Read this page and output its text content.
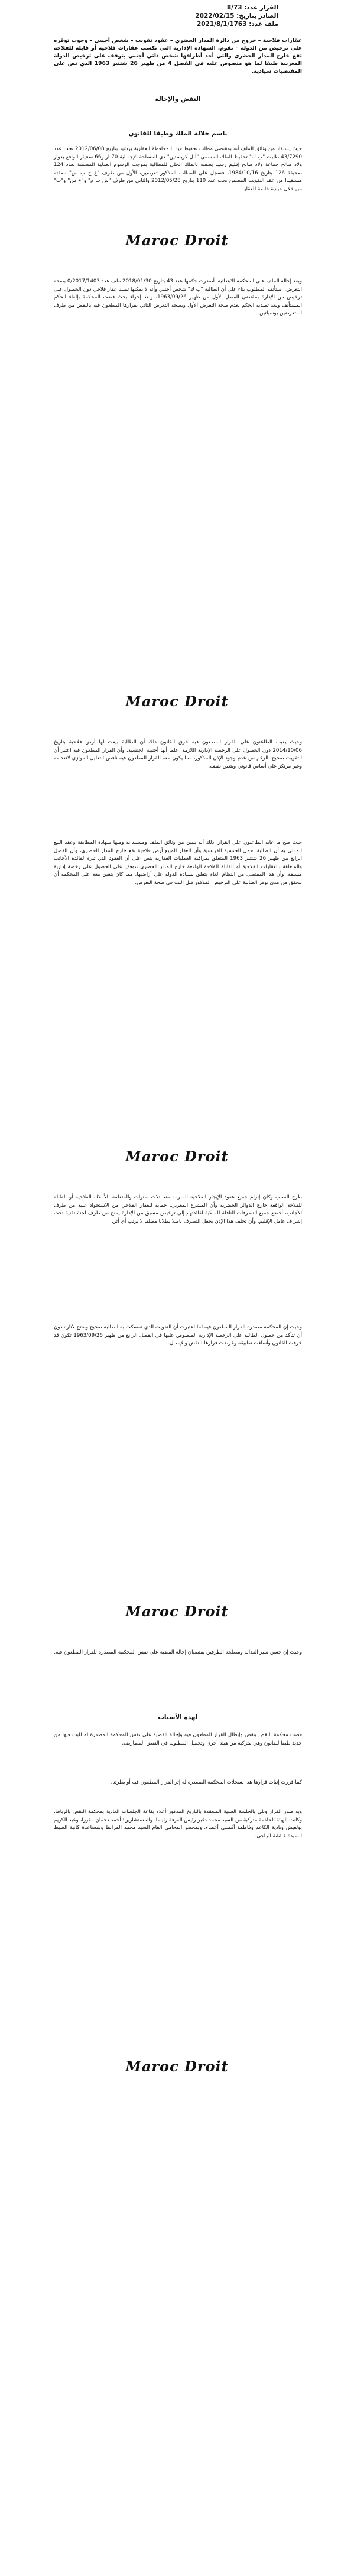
القرار عدد: 8/73
الصادر بتاريخ: 2022/02/15
ملف عدد: 2021/8/1/1763
عقارات فلاحية – خروج من دائرة المدار الحضري – عقود تفويت – شخص أجنبي – وجوب توقره على ترخيص من الدولة – تقوم. الشهادة الإدارية التي تكسب عقارات فلاحية أو قابلة للفلاحة تقع خارج المدار الحضري والتي أحد أطرافها شخص ذاتي أجنبي يتوقف على ترخيص الدولة المغربية طبقا لما هو منصوص عليه في الفصل 4 من ظهير 26 شتنبر 1963 الذي نص على المقتضيات سيادية.
النقض والإحالة
باسم جلالة الملك وطبقا للقانون
حيث يستفاد من وثائق الملف أنه بمقتضى مطلب تحفيظ قيد بالمحافظة العقارية برشيد بتاريخ 2012/06/08 تحت عدد 43/7290 طلبت "ب ك" تحفيظ الملك المسمى "أ ل كريستين" ذي المساحة الإجمالية 70 آر و66 سنتيار الواقع بدوار ولاد صالح جماعة ولاد صالح إقليم رشيد بصفته بالملك الحلي للمطالبة بموجب الرسوم العدلية المضمنة بعدد 124 صحيفة 126 بتاريخ 1984/10/16، فسجل على المطلب المذكور تعرضين، الأول من طرف "ع ج ب س" بصفته مستفيدا من عقد التفويت المضمن تحت عدد 110 بتاريخ 2012/05/28 والثاني من طرف "ش ب م" و"خ س" و"ب" من خلال حيازة خاصة للعقار.
Maroc Droit
وبعد إحالة الملف على المحكمة الابتدائية، أصدرت حكمها عدد 43 بتاريخ 2018/01/30 ملف عدد 0/2017/1403 بصحة التعرض، استأنفه المطلوب بناء على أن الطالبة "ب ك" شخص أجنبي وأنه لا يمكنها تملك عقار فلاحي دون الحصول على ترخيص من الإدارة بمقتضى الفصل الأول من ظهير 1963/09/26، وبعد إجراء بحث قضت المحكمة بإلغاء الحكم المستأنف وبعد تصديه الحكم بعدم صحة التعرض الأول وبصحة التعرض الثاني بقرارها المطعون فيه بالنقض من طرف المتعرضين بوسيلتين.
Maroc Droit
وحيث يعيب الطاعنون على القرار المطعون فيه خرق القانون ذلك أن الطالبة بيعت لها أرض فلاحية بتاريخ 2014/10/06 دون الحصول على الرخصة الإدارية اللازمة، علما أنها أجنبية الجنسية، وأن القرار المطعون فيه اعتبر أن التفويت صحيح بالرغم من عدم وجود الإذن المذكور، مما يكون معه القرار المطعون فيه ناقص التعليل الموازي لانعدامه وغير مرتكز على أساس قانوني ويتعين نقضه.
حيث صح ما عابه الطاعنون على القرار، ذلك أنه يتبين من وثائق الملف ومستنداته ومنها شهادة المطابقة وعقد البيع المدلى به أن الطالبة تحمل الجنسية الفرنسية وأن العقار المبيع أرض فلاحية تقع خارج المدار الحضري، وأن الفصل الرابع من ظهير 26 شتنبر 1963 المتعلق بمراقبة العمليات العقارية ينص على أن العقود التي تبرم لفائدة الأجانب والمتعلقة بالعقارات الفلاحية أو القابلة للفلاحة الواقعة خارج المدار الحضري تتوقف على الحصول على رخصة إدارية مسبقة، وأن هذا المقتضى من النظام العام يتعلق بسيادة الدولة على أراضيها، مما كان يتعين معه على المحكمة أن تتحقق من مدى توفر الطالبة على الترخيص المذكور قبل البت في صحة التعرض.
Maroc Droit
طرح السبب وكان إنزام جميع عقود الإيجار الفلاحية المبرمة منذ ثلاث سنوات والمتعلقة بالأملاك الفلاحية أو القابلة للفلاحة الواقعة خارج الدوائر الحضرية وأن المشرع المغربي، حماية للعقار الفلاحي من الاستحواذ عليه من طرف الأجانب، أخضع جميع التصرفات الناقلة للملكية لفائدتهم إلى ترخيص مسبق من الإدارة يمنح من طرف لجنة تقنية تحت إشراف عامل الإقليم، وأن تخلف هذا الإذن يجعل التصرف باطلا بطلانا مطلقا لا يرتب أي أثر.
وحيث إن المحكمة مصدرة القرار المطعون فيه لما اعتبرت أن التفويت الذي تمسكت به الطالبة صحيح ومنتج لآثاره دون أن تتأكد من حصول الطالبة على الرخصة الإدارية المنصوص عليها في الفصل الرابع من ظهير 1963/09/26 تكون قد خرقت القانون وأساءت تطبيقه وعرضت قرارها للنقض والإبطال.
Maroc Droit
وحيث إن حسن سير العدالة ومصلحة الطرفين يقتضيان إحالة القضية على نفس المحكمة المصدرة للقرار المطعون فيه.
لهذه الأسباب
قضت محكمة النقض بنقض وإبطال القرار المطعون فيه وإحالة القضية على نفس المحكمة المصدرة له للبت فيها من جديد طبقا للقانون وهي متركبة من هيئة أخرى وتحميل المطلوبة في النقض المصاريف.
كما قررت إثبات قرارها هذا بسجلات المحكمة المصدرة له إثر القرار المطعون فيه أو بطرته.
وبه صدر القرار وتلي بالجلسة العلنية المنعقدة بالتاريخ المذكور أعلاه بقاعة الجلسات العادية بمحكمة النقض بالرباط، وكانت الهيئة الحاكمة متركبة من السيد محمد دغبر رئيس الغرفة رئيسا، والمستشارين: أحمد دحمان مقررا، وعبد الكريم بولعيش ونادية الكاعم وفاطمة أقصبي أعضاء، وبمحضر المحامي العام السيد محمد المرابط وبمساعدة كاتبة الضبط السيدة عائشة الراجي.
Maroc Droit
